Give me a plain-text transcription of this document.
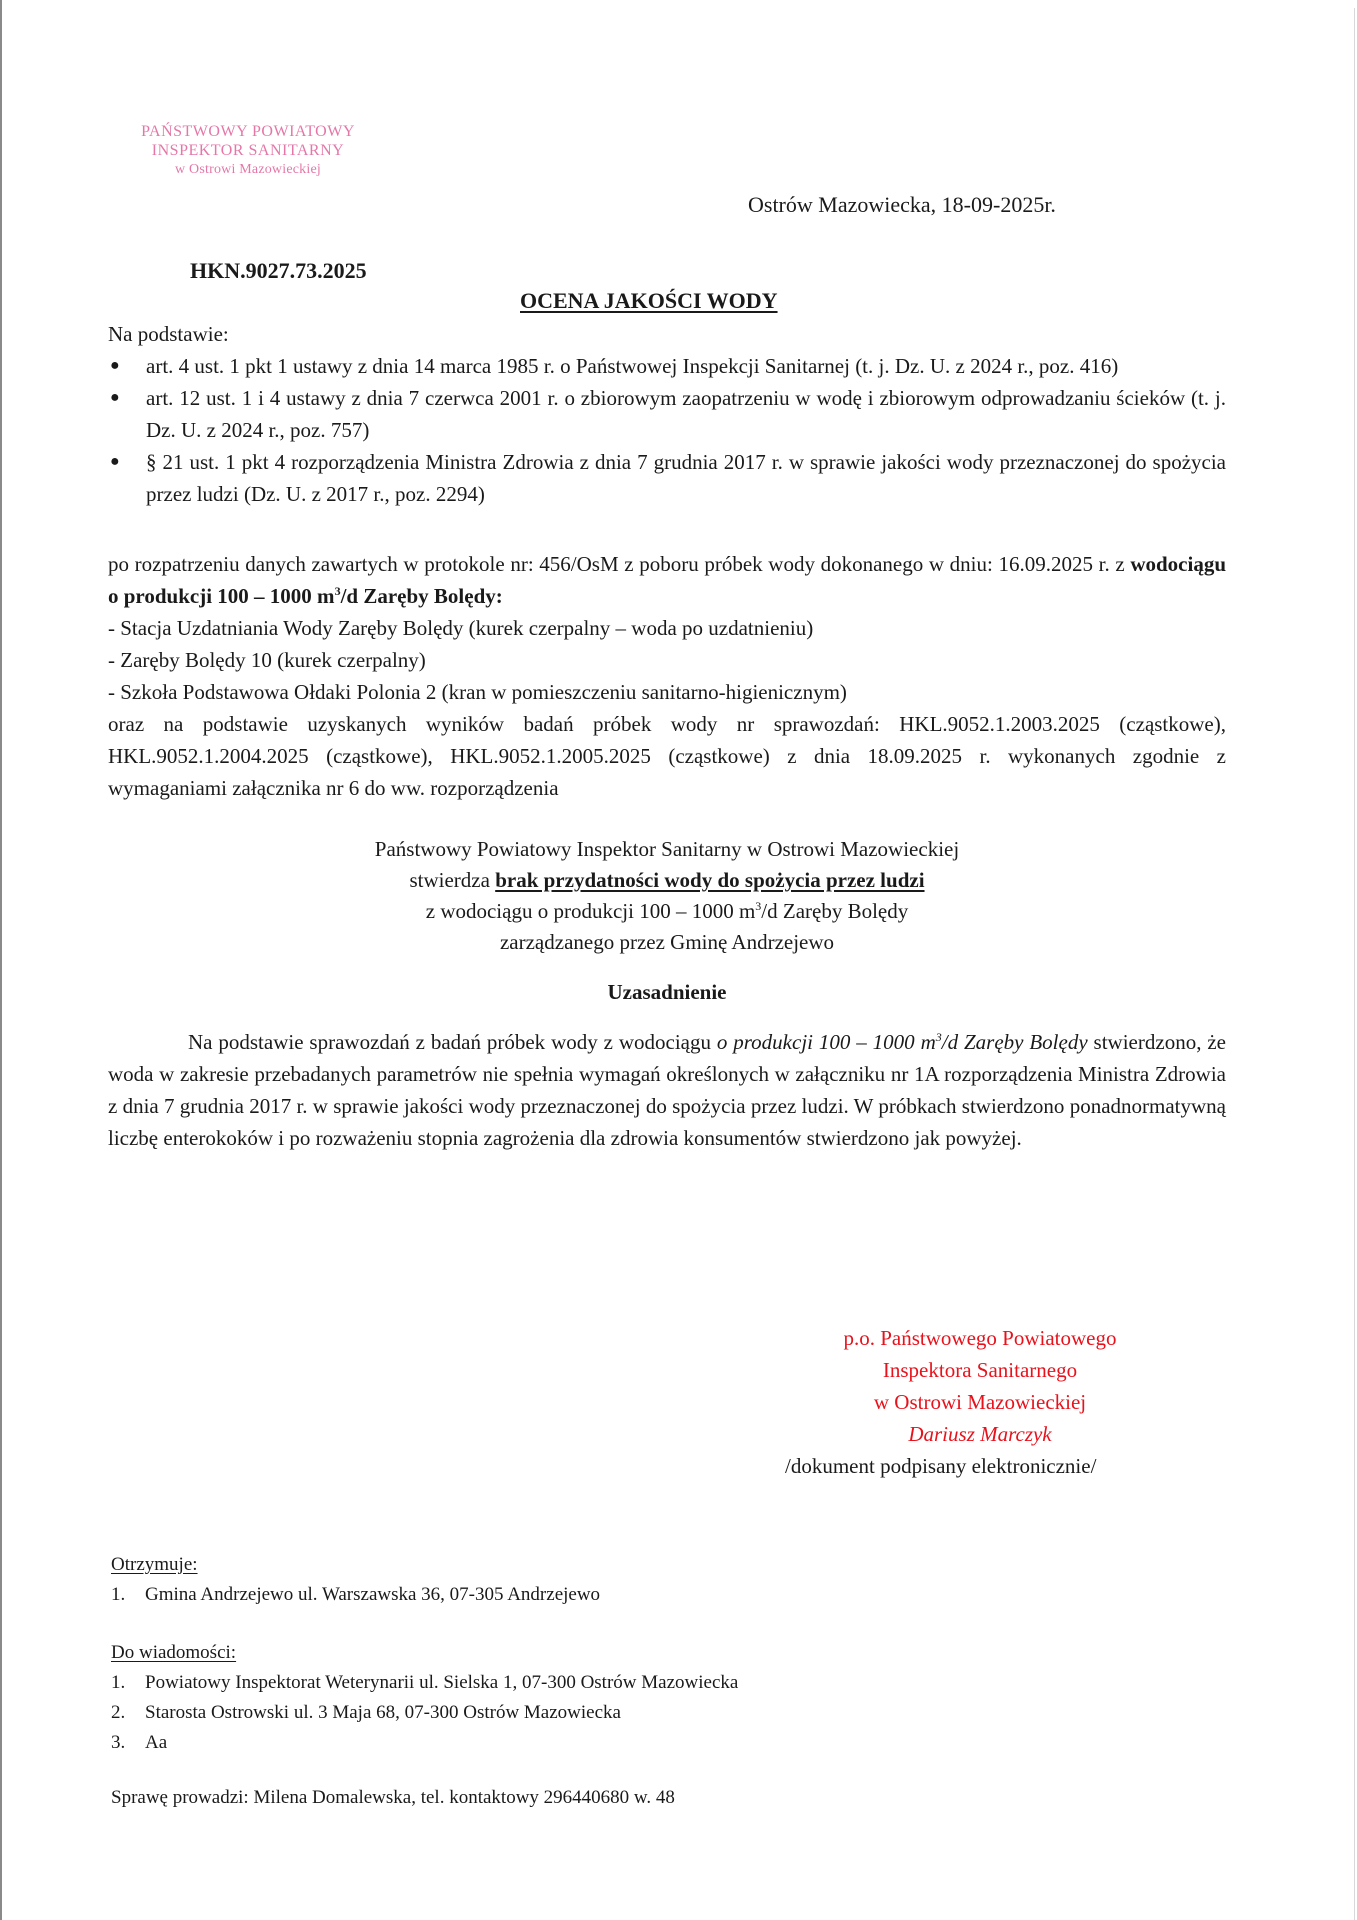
PAŃSTWOWY POWIATOWY
INSPEKTOR SANITARNY
w Ostrowi Mazowieckiej
Ostrów Mazowiecka, 18-09-2025r.
HKN.9027.73.2025
OCENA JAKOŚCI WODY

Na podstawie:

● art. 4 ust. 1 pkt 1 ustawy z dnia 14 marca 1985 r. o Państwowej Inspekcji Sanitarnej (t. j. Dz. U. z 2024 r., poz. 416)
● art. 12 ust. 1 i 4 ustawy z dnia 7 czerwca 2001 r. o zbiorowym zaopatrzeniu w wodę i zbiorowym odprowadzaniu ścieków (t. j. Dz. U. z 2024 r., poz. 757)
● § 21 ust. 1 pkt 4 rozporządzenia Ministra Zdrowia z dnia 7 grudnia 2017 r. w sprawie jakości wody przeznaczonej do spożycia przez ludzi (Dz. U. z 2017 r., poz. 2294)

po rozpatrzeniu danych zawartych w protokole nr: 456/OsM z poboru próbek wody dokonanego w dniu: 16.09.2025 r. z wodociągu o produkcji 100 – 1000 $m^3/d$ Zaręby Bolędy:

- Stacja Uzdatniania Wody Zaręby Bolędy (kurek czerpalny – woda po uzdatnieniu)
- Zaręby Bolędy 10 (kurek czerpalny)
- Szkoła Podstawowa Ołdaki Polonia 2 (kran w pomieszczeniu sanitarno-higienicznym)

oraz na podstawie uzyskanych wyników badań próbek wody nr sprawozdań: HKL.9052.1.2003.2025 (cząstkowe), HKL.9052.1.2004.2025 (cząstkowe), HKL.9052.1.2005.2025 (cząstkowe) z dnia 18.09.2025 r. wykonanych zgodnie z wymaganiami załącznika nr 6 do ww. rozporządzenia

Państwowy Powiatowy Inspektor Sanitarny w Ostrowi Mazowieckiej
stwierdza brak przydatności wody do spożycia przez ludzi
z wodociągu o produkcji 100 – 1000 $m^3/d$ Zaręby Bolędy
zarządzanego przez Gminę Andrzejewo
Uzasadnienie

Na podstawie sprawozdań z badań próbek wody z wodociągu o produkcji 100 – 1000 $m^3/d$ Zaręby Bolędy stwierdzono, że woda w zakresie przebadanych parametrów nie spełnia wymagań określonych w załączniku nr 1A rozporządzenia Ministra Zdrowia z dnia 7 grudnia 2017 r. w sprawie jakości wody przeznaczonej do spożycia przez ludzi. W próbkach stwierdzono ponadnormatywną liczbę enterokoków i po rozważeniu stopnia zagrożenia dla zdrowia konsumentów stwierdzono jak powyżej.

p.o. Państwowego Powiatowego
Inspektora Sanitarnego
w Ostrowi Mazowieckiej
Dariusz Marczyk
/dokument podpisany elektronicznie/
Otrzymuje:
1. Gmina Andrzejewo ul. Warszawska 36, 07-305 Andrzejewo
Do wiadomości:
1. Powiatowy Inspektorat Weterynarii ul. Sielska 1, 07-300 Ostrów Mazowiecka
2. Starosta Ostrowski ul. 3 Maja 68, 07-300 Ostrów Mazowiecka
3. Aa
Sprawę prowadzi: Milena Domalewska, tel. kontaktowy 296440680 w. 48
